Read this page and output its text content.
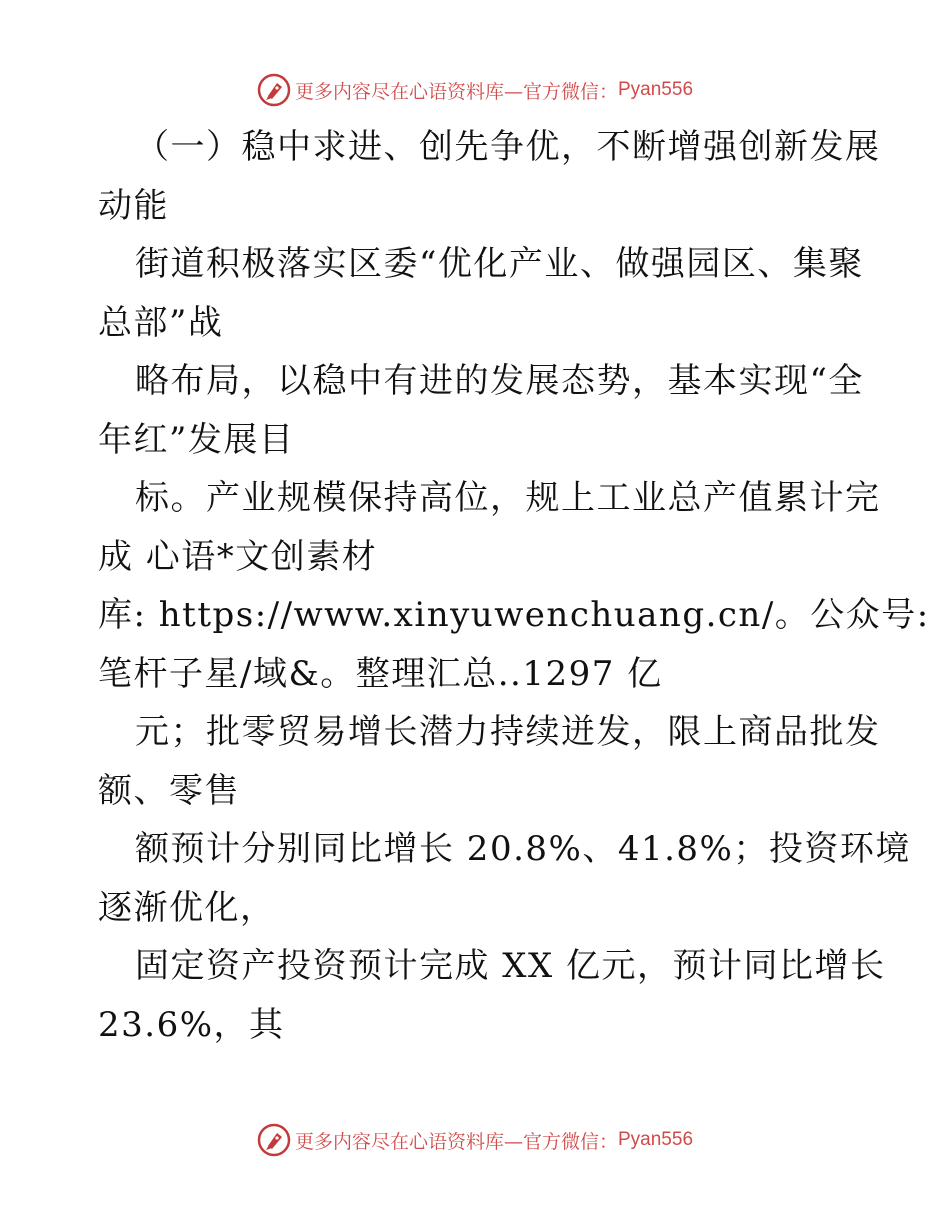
更多内容尽在心语资料库—官方微信： Pyan556
（一）稳中求进、创先争优，不断增强创新发展
动能
街道积极落实区委“优化产业、做强园区、集聚
总部”战
略布局，以稳中有进的发展态势，基本实现“全
年红”发展目
标。产业规模保持高位，规上工业总产值累计完
成 心语*文创素材
库: https://www.xinyuwenchuang.cn/。公众号:
笔杆子星/域&。整理汇总..1297 亿
元；批零贸易增长潜力持续迸发，限上商品批发
额、零售
额预计分别同比增长 20.8%、41.8%；投资环境
逐渐优化，
固定资产投资预计完成 XX 亿元，预计同比增长
23.6%，其
更多内容尽在心语资料库—官方微信： Pyan556
